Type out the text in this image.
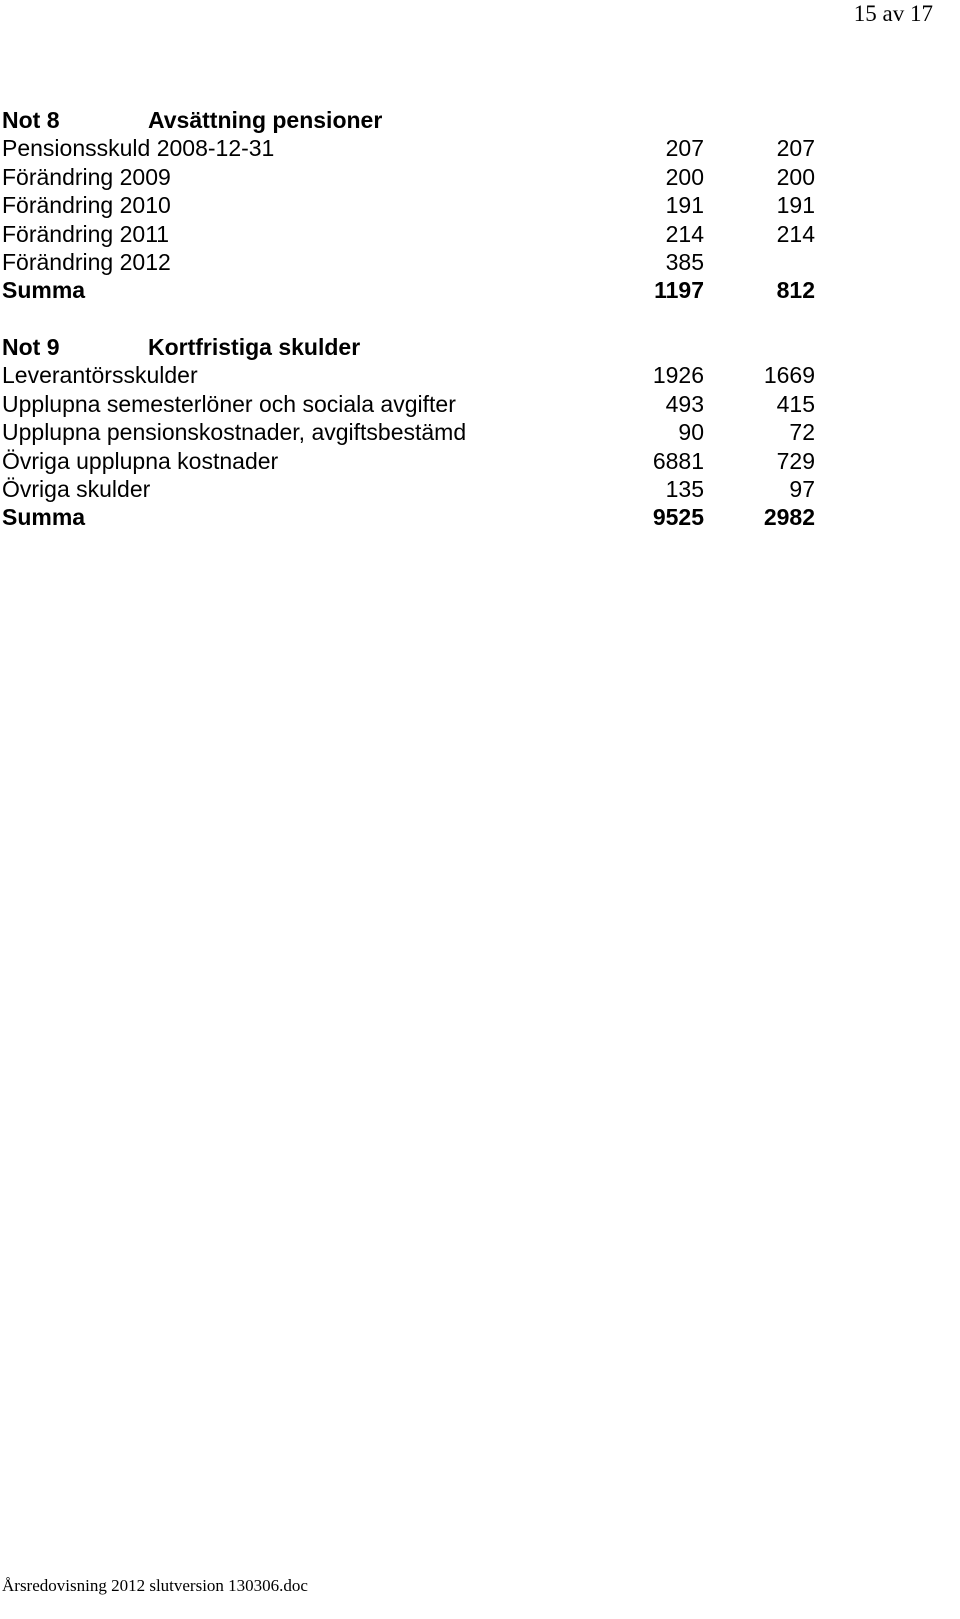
15 av 17
Not 8	Avsättning pensioner
Pensionsskuld 2008-12-31	207	207
Förändring 2009	200	200
Förändring 2010	191	191
Förändring 2011	214	214
Förändring 2012	385
Summa	1197	812
Not 9	Kortfristiga skulder
Leverantörsskulder	1926	1669
Upplupna semesterlöner och sociala avgifter	493	415
Upplupna pensionskostnader, avgiftsbestämd	90	72
Övriga upplupna kostnader	6881	729
Övriga skulder	135	97
Summa	9525	2982
Årsredovisning 2012 slutversion 130306.doc
